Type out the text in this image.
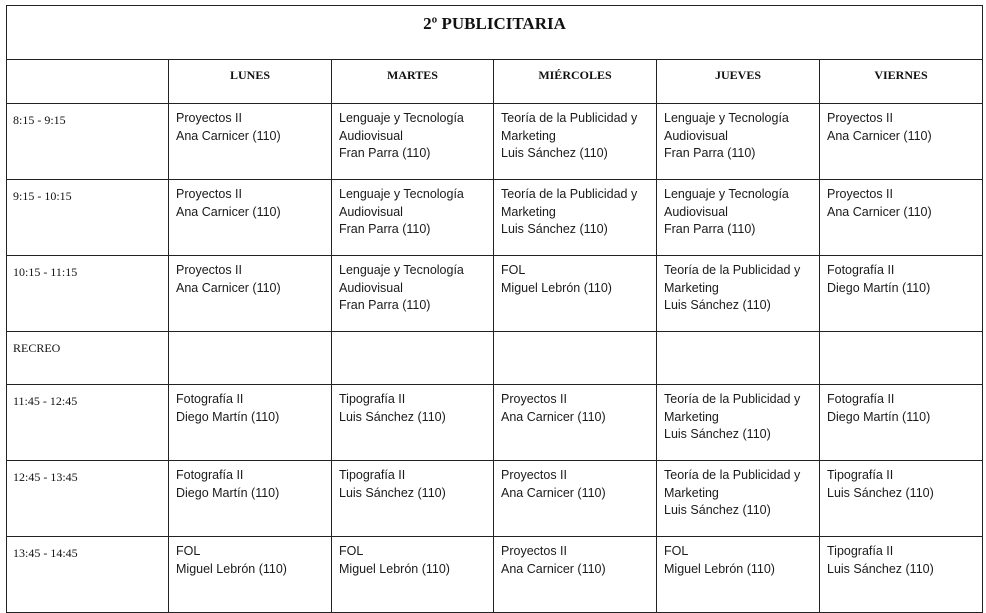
2º PUBLICITARIA					

	LUNES	MARTES	MIÉRCOLES	JUEVES	VIERNES

8:15 - 9:15	Proyectos II
Ana Carnicer (110)	Lenguaje y Tecnología
Audiovisual
Fran Parra (110)	Teoría de la Publicidad y
Marketing
Luis Sánchez (110)	Lenguaje y Tecnología
Audiovisual
Fran Parra (110)	Proyectos II
Ana Carnicer (110)

9:15 - 10:15	Proyectos II
Ana Carnicer (110)	Lenguaje y Tecnología
Audiovisual
Fran Parra (110)	Teoría de la Publicidad y
Marketing
Luis Sánchez (110)	Lenguaje y Tecnología
Audiovisual
Fran Parra (110)	Proyectos II
Ana Carnicer (110)

10:15 - 11:15	Proyectos II
Ana Carnicer (110)	Lenguaje y Tecnología
Audiovisual
Fran Parra (110)	FOL
Miguel Lebrón (110)	Teoría de la Publicidad y
Marketing
Luis Sánchez (110)	Fotografía II
Diego Martín (110)

RECREO					
11:45 - 12:45	Fotografía II
Diego Martín (110)	Tipografía II
Luis Sánchez (110)	Proyectos II
Ana Carnicer (110)	Teoría de la Publicidad y
Marketing
Luis Sánchez (110)	Fotografía II
Diego Martín (110)

12:45 - 13:45	Fotografía II
Diego Martín (110)	Tipografía II
Luis Sánchez (110)	Proyectos II
Ana Carnicer (110)	Teoría de la Publicidad y
Marketing
Luis Sánchez (110)	Tipografía II
Luis Sánchez (110)

13:45 - 14:45	FOL
Miguel Lebrón (110)	FOL
Miguel Lebrón (110)	Proyectos II
Ana Carnicer (110)	FOL
Miguel Lebrón (110)	Tipografía II
Luis Sánchez (110)
